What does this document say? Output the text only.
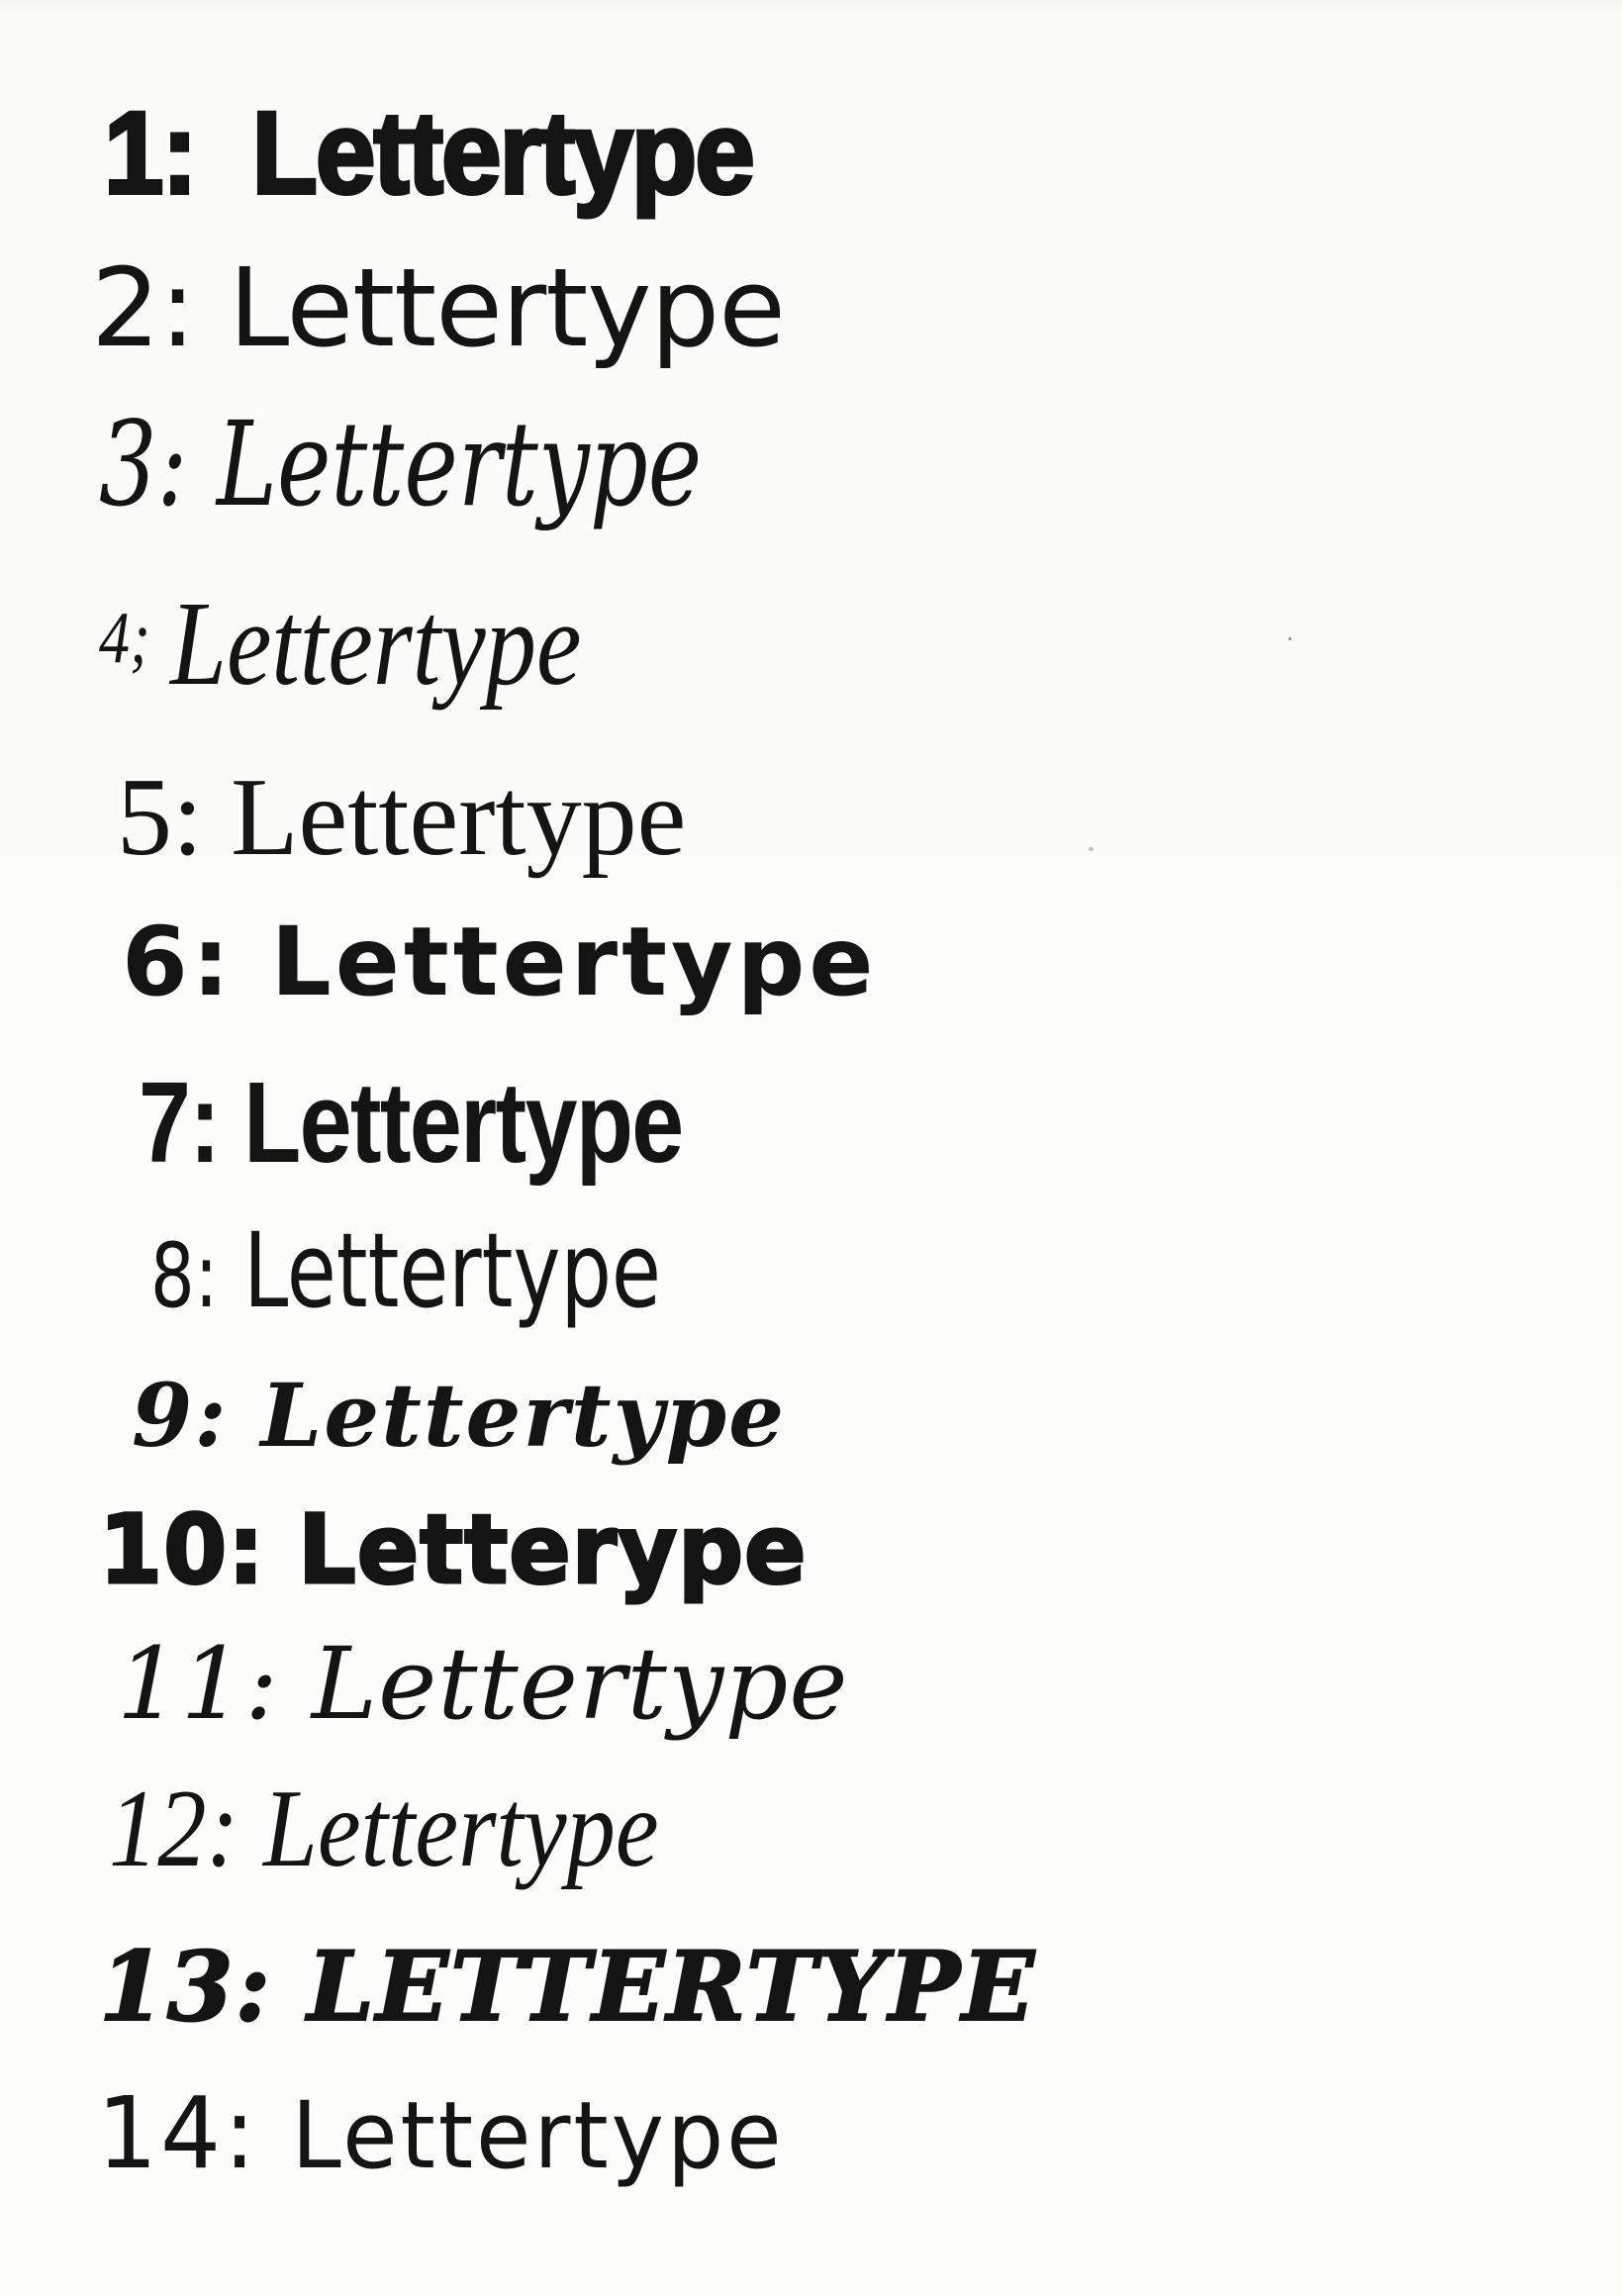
1: Lettertype
2: Lettertype
3: Lettertype
4; Lettertype
5: Lettertype
6: Lettertype
7: Lettertype
8: Lettertype
9: Lettertype
10: Letterype
11: Lettertype
12: Lettertype
13: LETTERTYPE
14: Lettertype
